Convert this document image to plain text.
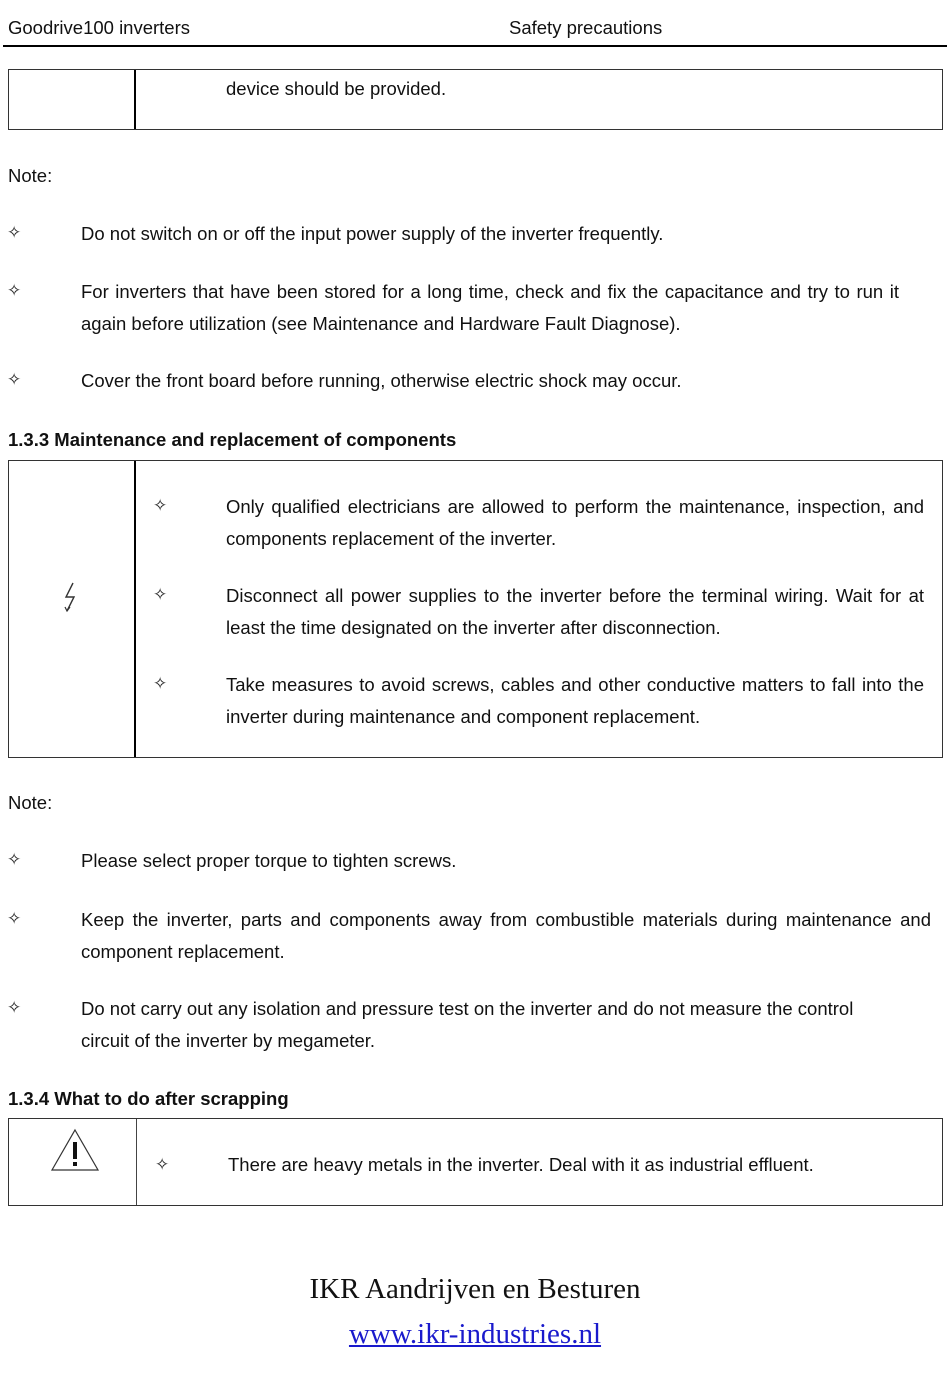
Goodrive100 inverters	Safety precautions
device should be provided.
Note:
✧	Do not switch on or off the input power supply of the inverter frequently.
✧	For inverters that have been stored for a long time, check and fix the capacitance and try to run it again before utilization (see Maintenance and Hardware Fault Diagnose).
✧	Cover the front board before running, otherwise electric shock may occur.
1.3.3 Maintenance and replacement of components
✧	Only qualified electricians are allowed to perform the maintenance, inspection, and components replacement of the inverter.
✧	Disconnect all power supplies to the inverter before the terminal wiring. Wait for at least the time designated on the inverter after disconnection.
✧	Take measures to avoid screws, cables and other conductive matters to fall into the inverter during maintenance and component replacement.
Note:
✧	Please select proper torque to tighten screws.
✧	Keep the inverter, parts and components away from combustible materials during maintenance and component replacement.
✧	Do not carry out any isolation and pressure test on the inverter and do not measure the control circuit of the inverter by megameter.
1.3.4 What to do after scrapping
✧	There are heavy metals in the inverter. Deal with it as industrial effluent.
IKR Aandrijven en Besturen
www.ikr-industries.nl
